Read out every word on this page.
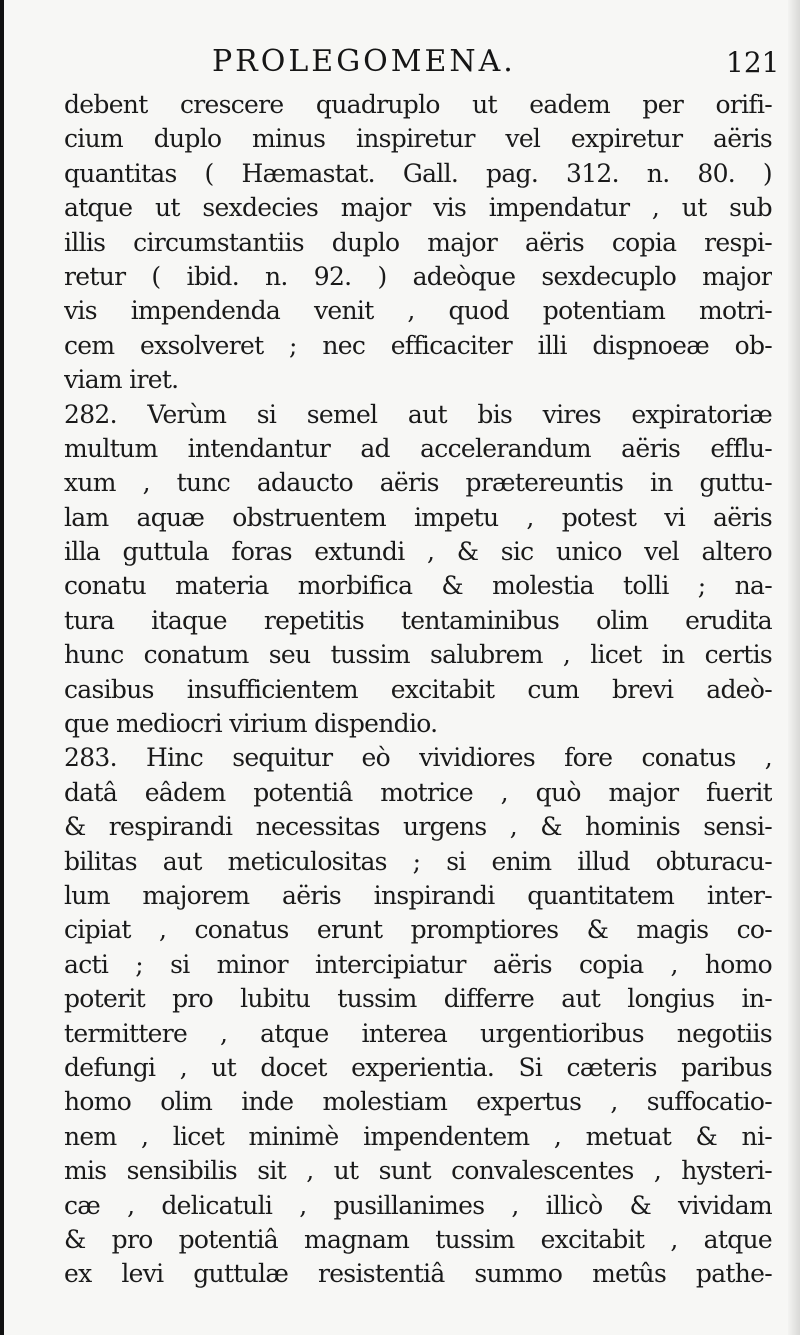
PROLEGOMENA.	121
debent crescere quadruplo ut eadem per orifi-
cium duplo minus inspiretur vel expiretur aëris
quantitas ( Hæmastat. Gall. pag. 312. n. 80. )
atque ut sexdecies major vis impendatur , ut sub
illis circumstantiis duplo major aëris copia respi-
retur ( ibid. n. 92. ) adeòque sexdecuplo major
vis impendenda venit , quod potentiam motri-
cem exsolveret ; nec efficaciter illi dispnoeæ ob-
viam iret.
282. Verùm si semel aut bis vires expiratoriæ
multum intendantur ad accelerandum aëris efflu-
xum , tunc adaucto aëris prætereuntis in guttu-
lam aquæ obstruentem impetu , potest vi aëris
illa guttula foras extundi , & sic unico vel altero
conatu materia morbifica & molestia tolli ; na-
tura itaque repetitis tentaminibus olim erudita
hunc conatum seu tussim salubrem , licet in certis
casibus insufficientem excitabit cum brevi adeò-
que mediocri virium dispendio.
283. Hinc sequitur eò vividiores fore conatus ,
datâ eâdem potentiâ motrice , quò major fuerit
& respirandi necessitas urgens , & hominis sensi-
bilitas aut meticulositas ; si enim illud obturacu-
lum majorem aëris inspirandi quantitatem inter-
cipiat , conatus erunt promptiores & magis co-
acti ; si minor intercipiatur aëris copia , homo
poterit pro lubitu tussim differre aut longius in-
termittere , atque interea urgentioribus negotiis
defungi , ut docet experientia. Si cæteris paribus
homo olim inde molestiam expertus , suffocatio-
nem , licet minimè impendentem , metuat & ni-
mis sensibilis sit , ut sunt convalescentes , hysteri-
cæ , delicatuli , pusillanimes , illicò & vividam
& pro potentiâ magnam tussim excitabit , atque
ex levi guttulæ resistentiâ summo metûs pathe-
